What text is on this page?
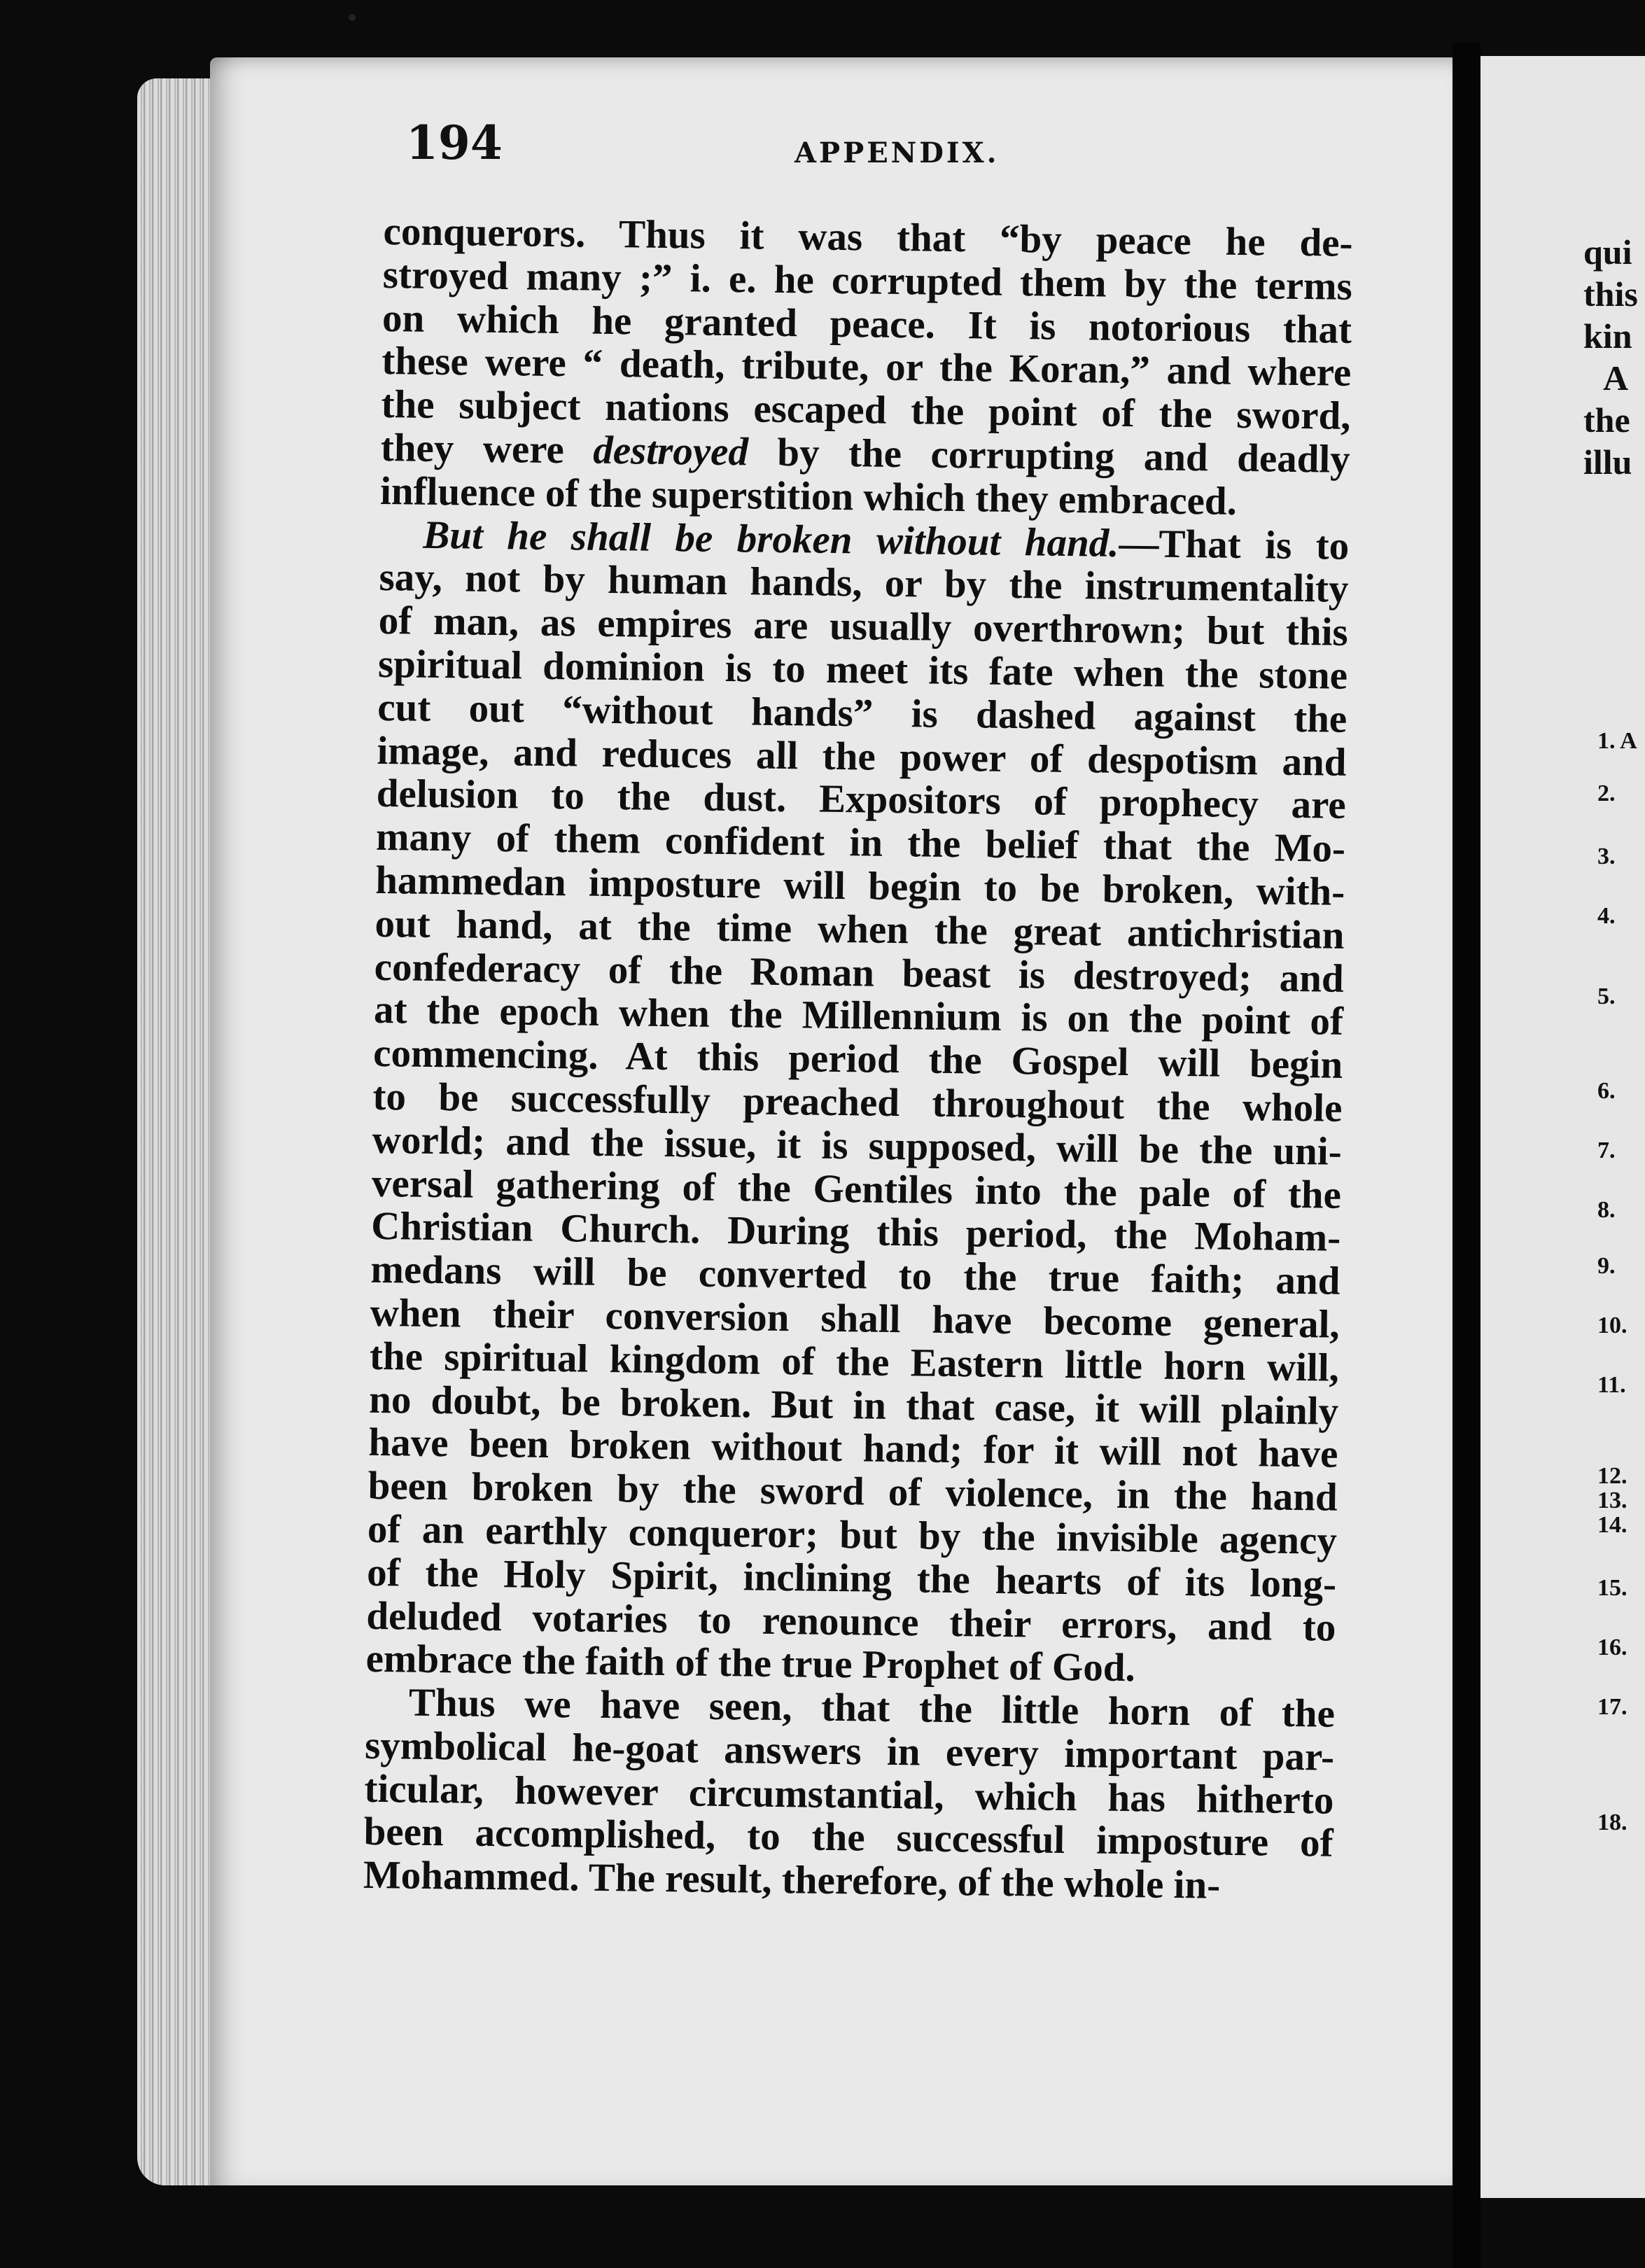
194	APPENDIX.
conquerors. Thus it was that “by peace he de-
stroyed many ;” i. e. he corrupted them by the terms
on which he granted peace. It is notorious that
these were “ death, tribute, or the Koran,” and where
the subject nations escaped the point of the sword,
they were destroyed by the corrupting and deadly
influence of the superstition which they embraced.
But he shall be broken without hand.—That is to
say, not by human hands, or by the instrumentality
of man, as empires are usually overthrown; but this
spiritual dominion is to meet its fate when the stone
cut out “without hands” is dashed against the
image, and reduces all the power of despotism and
delusion to the dust. Expositors of prophecy are
many of them confident in the belief that the Mo-
hammedan imposture will begin to be broken, with-
out hand, at the time when the great antichristian
confederacy of the Roman beast is destroyed; and
at the epoch when the Millennium is on the point of
commencing. At this period the Gospel will begin
to be successfully preached throughout the whole
world; and the issue, it is supposed, will be the uni-
versal gathering of the Gentiles into the pale of the
Christian Church. During this period, the Moham-
medans will be converted to the true faith; and
when their conversion shall have become general,
the spiritual kingdom of the Eastern little horn will,
no doubt, be broken. But in that case, it will plainly
have been broken without hand; for it will not have
been broken by the sword of violence, in the hand
of an earthly conqueror; but by the invisible agency
of the Holy Spirit, inclining the hearts of its long-
deluded votaries to renounce their errors, and to
embrace the faith of the true Prophet of God.
Thus we have seen, that the little horn of the
symbolical he-goat answers in every important par-
ticular, however circumstantial, which has hitherto
been accomplished, to the successful imposture of
Mohammed. The result, therefore, of the whole in-
qui
this
kin
A
the
illu
1. A
2.
3.
4.
5.
6.
7.
8.
9.
10.
11.
12.
13.
14.
15.
16.
17.
18.
